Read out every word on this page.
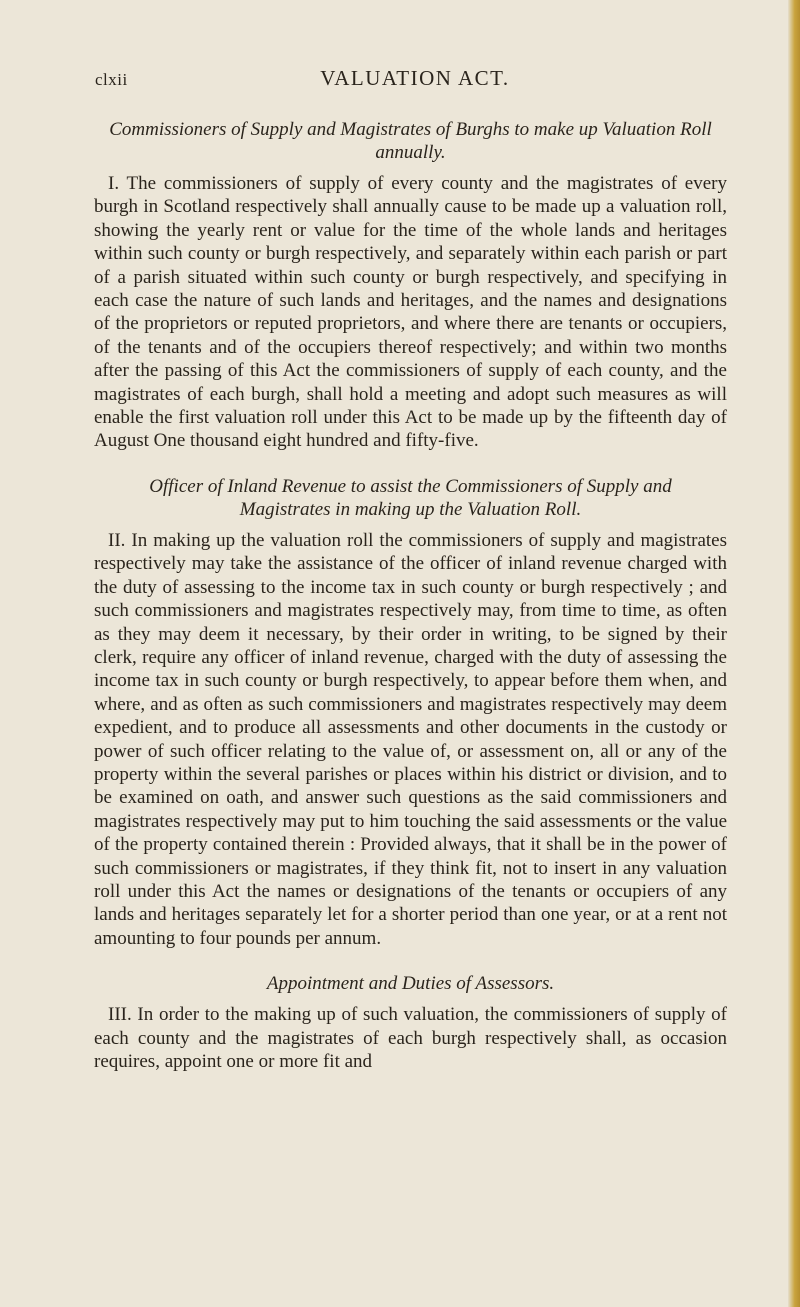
clxii	VALUATION ACT.

Commissioners of Supply and Magistrates of Burghs to make up Valuation Roll annually.

I. The commissioners of supply of every county and the magistrates of every burgh in Scotland respectively shall annually cause to be made up a valuation roll, showing the yearly rent or value for the time of the whole lands and heritages within such county or burgh respectively, and separately within each parish or part of a parish situated within such county or burgh respectively, and specifying in each case the nature of such lands and heritages, and the names and designations of the proprietors or reputed proprietors, and where there are tenants or occupiers, of the tenants and of the occupiers thereof respectively; and within two months after the passing of this Act the commissioners of supply of each county, and the magistrates of each burgh, shall hold a meeting and adopt such measures as will enable the first valuation roll under this Act to be made up by the fifteenth day of August One thousand eight hundred and fifty-five.

Officer of Inland Revenue to assist the Commissioners of Supply and Magistrates in making up the Valuation Roll.

II. In making up the valuation roll the commissioners of supply and magistrates respectively may take the assistance of the officer of inland revenue charged with the duty of assessing to the income tax in such county or burgh respectively ; and such commissioners and magistrates respectively may, from time to time, as often as they may deem it necessary, by their order in writing, to be signed by their clerk, require any officer of inland revenue, charged with the duty of assessing the income tax in such county or burgh respectively, to appear before them when, and where, and as often as such commissioners and magistrates respectively may deem expedient, and to produce all assessments and other documents in the custody or power of such officer relating to the value of, or assessment on, all or any of the property within the several parishes or places within his district or division, and to be examined on oath, and answer such questions as the said commissioners and magistrates respectively may put to him touching the said assessments or the value of the property contained therein : Provided always, that it shall be in the power of such commissioners or magistrates, if they think fit, not to insert in any valuation roll under this Act the names or designations of the tenants or occupiers of any lands and heritages separately let for a shorter period than one year, or at a rent not amounting to four pounds per annum.

Appointment and Duties of Assessors.

III. In order to the making up of such valuation, the commissioners of supply of each county and the magistrates of each burgh respectively shall, as occasion requires, appoint one or more fit and
